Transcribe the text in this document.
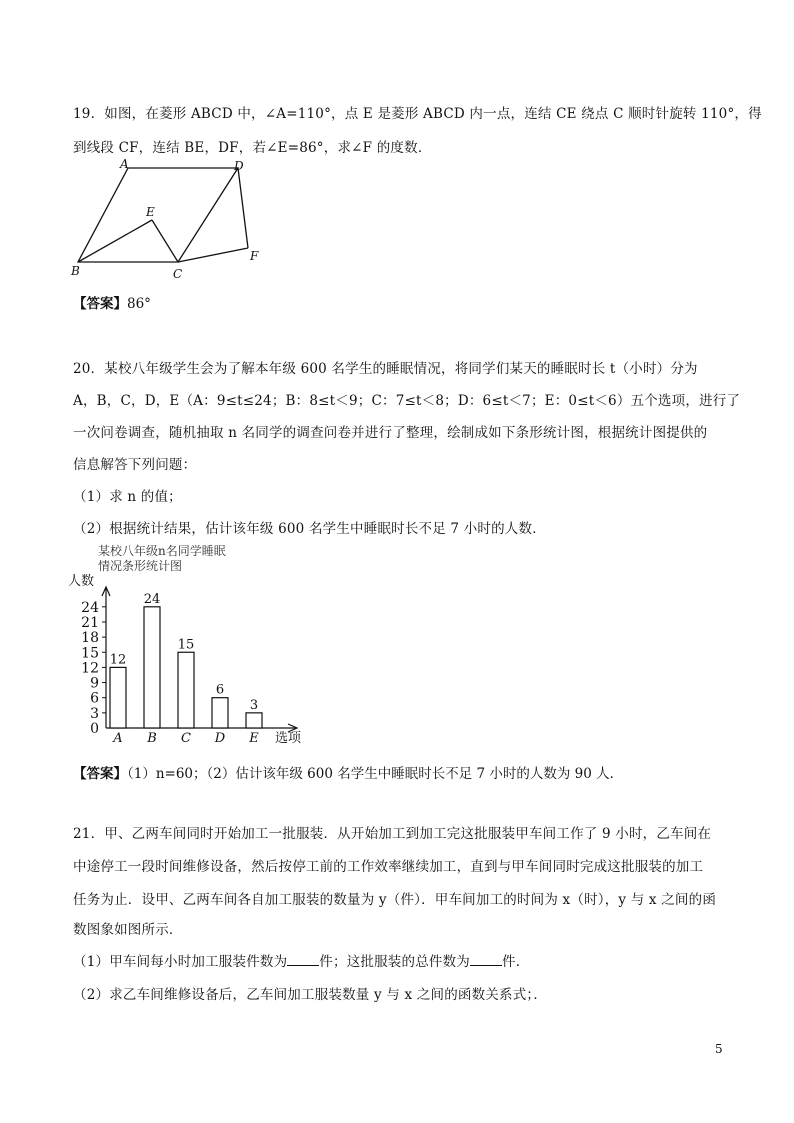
19．如图，在菱形 ABCD 中，∠A=110°，点 E 是菱形 ABCD 内一点，连结 CE 绕点 C 顺时针旋转 110°，得
到线段 CF，连结 BE，DF，若∠E=86°，求∠F 的度数．
A	D
E
B	C
F
【答案】86°
20．某校八年级学生会为了解本年级 600 名学生的睡眠情况，将同学们某天的睡眠时长 t（小时）分为
A，B，C，D，E（A：9≤t≤24；B：8≤t＜9；C：7≤t＜8；D：6≤t＜7；E：0≤t＜6）五个选项，进行了
一次问卷调查，随机抽取 n 名同学的调查问卷并进行了整理，绘制成如下条形统计图，根据统计图提供的
信息解答下列问题：
（1）求 n 的值；
（2）根据统计结果，估计该年级 600 名学生中睡眠时长不足 7 小时的人数．
某校八年级n名同学睡眠
情况条形统计图
人数
选项
0
3
6
9
12
15
18
21
24
12
A
24
B
15
C
6
D
3
E
【答案】（1）n=60；（2）估计该年级 600 名学生中睡眠时长不足 7 小时的人数为 90 人．
21．甲、乙两车间同时开始加工一批服装．从开始加工到加工完这批服装甲车间工作了 9 小时，乙车间在
中途停工一段时间维修设备，然后按停工前的工作效率继续加工，直到与甲车间同时完成这批服装的加工
任务为止．设甲、乙两车间各自加工服装的数量为 y（件）．甲车间加工的时间为 x（时），y 与 x 之间的函
数图象如图所示．
（1）甲车间每小时加工服装件数为 件；这批服装的总件数为 件．
（2）求乙车间维修设备后，乙车间加工服装数量 y 与 x 之间的函数关系式；．
5
